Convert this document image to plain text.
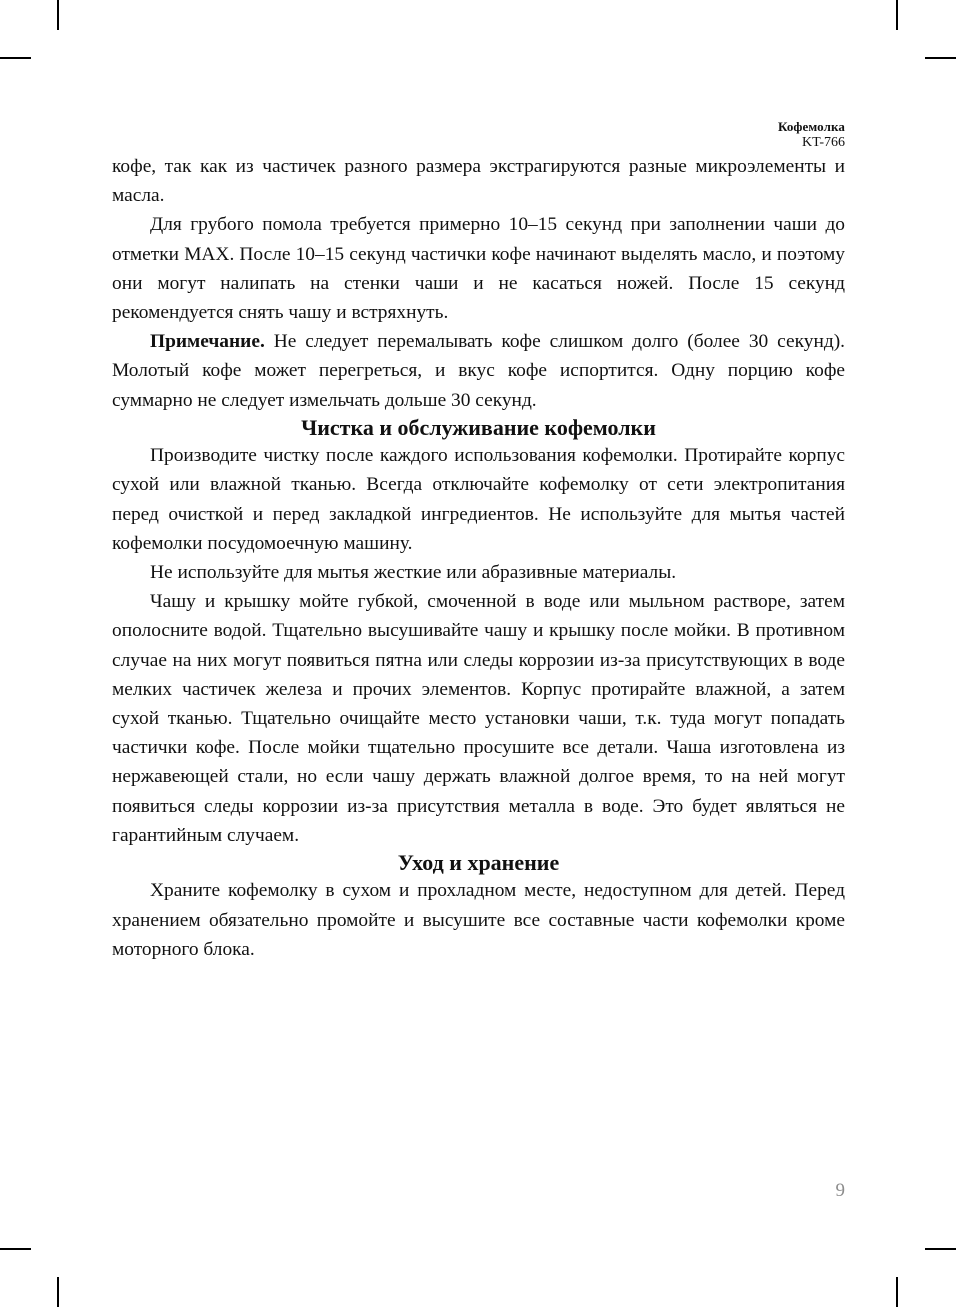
Кофемолка
KT-766

кофе, так как из частичек разного размера экстрагируются разные микроэлементы и масла.

Для грубого помола требуется примерно 10–15 секунд при заполнении чаши до отметки MAX. После 10–15 секунд частички кофе начинают выделять масло, и поэтому они могут налипать на стенки чаши и не касаться ножей. После 15 секунд рекомендуется снять чашу и встряхнуть.

Примечание. Не следует перемалывать кофе слишком долго (более 30 секунд). Молотый кофе может перегреться, и вкус кофе испортится. Одну порцию кофе суммарно не следует измельчать дольше 30 секунд.

Чистка и обслуживание кофемолки

Производите чистку после каждого использования кофемолки. Протирайте корпус сухой или влажной тканью. Всегда отключайте кофемолку от сети электропитания перед очисткой и перед закладкой ингредиентов. Не используйте для мытья частей кофемолки посудомоечную машину.

Не используйте для мытья жесткие или абразивные материалы.

Чашу и крышку мойте губкой, смоченной в воде или мыльном растворе, затем ополосните водой. Тщательно высушивайте чашу и крышку после мойки. В противном случае на них могут появиться пятна или следы коррозии из-за присутствующих в воде мелких частичек железа и прочих элементов. Корпус протирайте влажной, а затем сухой тканью. Тщательно очищайте место установки чаши, т.к. туда могут попадать частички кофе. После мойки тщательно просушите все детали. Чаша изготовлена из нержавеющей стали, но если чашу держать влажной долгое время, то на ней могут появиться следы коррозии из-за присутствия металла в воде. Это будет являться не гарантийным случаем.

Уход и хранение

Храните кофемолку в сухом и прохладном месте, недоступном для детей. Перед хранением обязательно промойте и высушите все составные части кофемолки кроме моторного блока.

9
